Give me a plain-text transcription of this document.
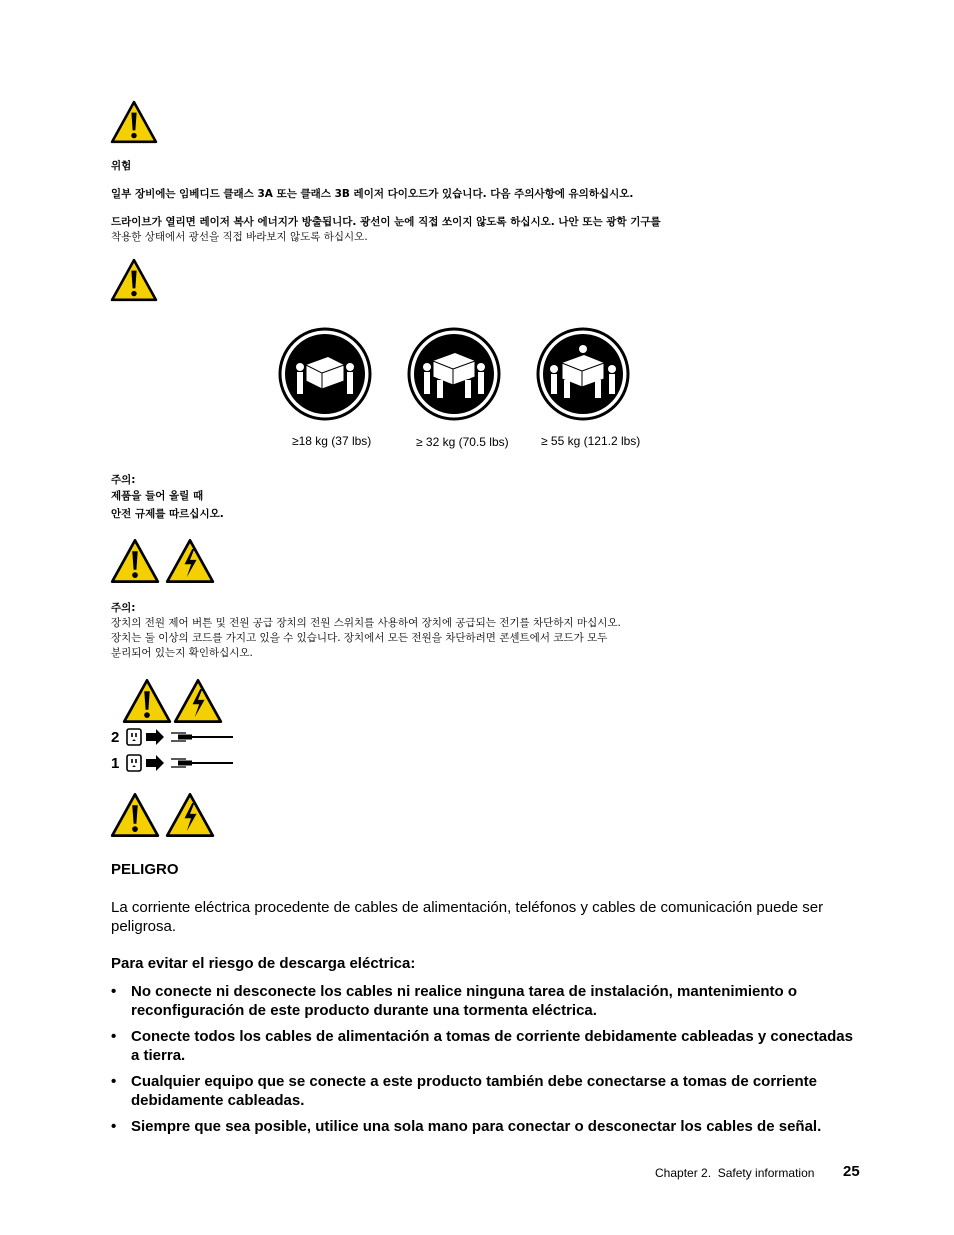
위험
일부 장비에는 임베디드 클래스 3A 또는 클래스 3B 레이저 다이오드가 있습니다. 다음 주의사항에 유의하십시오.
드라이브가 열리면 레이저 복사 에너지가 방출됩니다. 광선이 눈에 직접 쏘이지 않도록 하십시오. 나안 또는 광학 기구를
착용한 상태에서 광선을 직접 바라보지 않도록 하십시오.
≥18 kg (37 lbs)	≥ 32 kg (70.5 lbs)	≥ 55 kg (121.2 lbs)
주의:
제품을 들어 올릴 때
안전 규제를 따르십시오.
주의:
장치의 전원 제어 버튼 및 전원 공급 장치의 전원 스위치를 사용하여 장치에 공급되는 전기를 차단하지 마십시오.
장치는 둘 이상의 코드를 가지고 있을 수 있습니다. 장치에서 모든 전원을 차단하려면 콘센트에서 코드가 모두
분리되어 있는지 확인하십시오.
2
1
PELIGRO
La corriente eléctrica procedente de cables de alimentación, teléfonos y cables de comunicación puede ser peligrosa.
Para evitar el riesgo de descarga eléctrica:
• No conecte ni desconecte los cables ni realice ninguna tarea de instalación, mantenimiento o reconfiguración de este producto durante una tormenta eléctrica.
• Conecte todos los cables de alimentación a tomas de corriente debidamente cableadas y conectadas a tierra.
• Cualquier equipo que se conecte a este producto también debe conectarse a tomas de corriente debidamente cableadas.
• Siempre que sea posible, utilice una sola mano para conectar o desconectar los cables de señal.
Chapter 2.  Safety information 25
